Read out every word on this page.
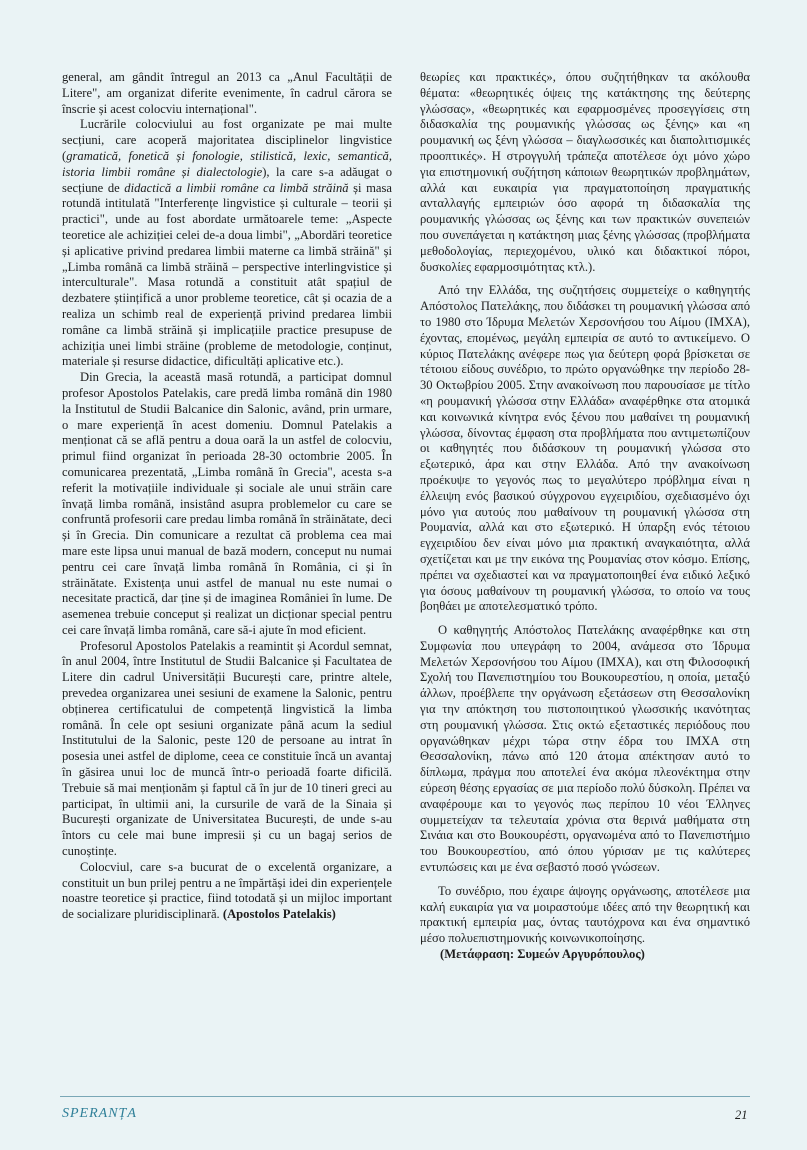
general, am gândit întregul an 2013 ca „Anul Facultății de Litere", am organizat diferite evenimente, în cadrul cărora se înscrie și acest colocviu internațional".

Lucrările colocviului au fost organizate pe mai multe secțiuni, care acoperă majoritatea disciplinelor lingvistice (gramatică, fonetică și fonologie, stilistică, lexic, semantică, istoria limbii române și dialectologie), la care s-a adăugat o secțiune de didactică a limbii române ca limbă străină și masa rotundă intitulată "Interferențe lingvistice și culturale – teorii și practici", unde au fost abordate următoarele teme: „Aspecte teoretice ale achiziției celei de-a doua limbi", „Abordări teoretice și aplicative privind predarea limbii materne ca limbă străină" și „Limba română ca limbă străină – perspective interlingvistice și interculturale". Masa rotundă a constituit atât spațiul de dezbatere științifică a unor probleme teoretice, cât și ocazia de a realiza un schimb real de experiență privind predarea limbii române ca limbă străină și implicațiile practice presupuse de achiziția unei limbi străine (probleme de metodologie, conținut, materiale și resurse didactice, dificultăți aplicative etc.).

Din Grecia, la această masă rotundă, a participat domnul profesor Apostolos Patelakis, care predă limba română din 1980 la Institutul de Studii Balcanice din Salonic, având, prin urmare, o mare experiență în acest domeniu. Domnul Patelakis a menționat că se află pentru a doua oară la un astfel de colocviu, primul fiind organizat în perioada 28-30 octombrie 2005. În comunicarea prezentată, „Limba română în Grecia", acesta s-a referit la motivațiile individuale și sociale ale unui străin care învață limba română, insistând asupra problemelor cu care se confruntă profesorii care predau limba română în străinătate, deci și în Grecia. Din comunicare a rezultat că problema cea mai mare este lipsa unui manual de bază modern, conceput nu numai pentru cei care învață limba română în România, ci și în străinătate. Existența unui astfel de manual nu este numai o necesitate practică, dar ține și de imaginea României în lume. De asemenea trebuie conceput și realizat un dicționar special pentru cei care învață limba română, care să-i ajute în mod eficient.

Profesorul Apostolos Patelakis a reamintit și Acordul semnat, în anul 2004, între Institutul de Studii Balcanice și Facultatea de Litere din cadrul Universității București care, printre altele, prevedea organizarea unei sesiuni de examene la Salonic, pentru obținerea certificatului de competență lingvistică la limba română. În cele opt sesiuni organizate până acum la sediul Institutului de la Salonic, peste 120 de persoane au intrat în posesia unei astfel de diplome, ceea ce constituie încă un avantaj în găsirea unui loc de muncă într-o perioadă foarte dificilă. Trebuie să mai menționăm și faptul că în jur de 10 tineri greci au participat, în ultimii ani, la cursurile de vară de la Sinaia și București organizate de Universitatea București, de unde s-au întors cu cele mai bune impresii și cu un bagaj serios de cunoștințe.

Colocviul, care s-a bucurat de o excelentă organizare, a constituit un bun prilej pentru a ne împărtăși idei din experiențele noastre teoretice și practice, fiind totodată și un mijloc important de socializare pluridisciplinară. (Apostolos Patelakis)

θεωρίες και πρακτικές», όπου συζητήθηκαν τα ακόλουθα θέματα: «θεωρητικές όψεις της κατάκτησης της δεύτερης γλώσσας», «θεωρητικές και εφαρμοσμένες προσεγγίσεις στη διδασκαλία της ρουμανικής γλώσσας ως ξένης» και «η ρουμανική ως ξένη γλώσσα – διαγλωσσικές και διαπολιτισμικές προοπτικές». Η στρογγυλή τράπεζα αποτέλεσε όχι μόνο χώρο για επιστημονική συζήτηση κάποιων θεωρητικών προβλημάτων, αλλά και ευκαιρία για πραγματοποίηση πραγματικής ανταλλαγής εμπειριών όσο αφορά τη διδασκαλία της ρουμανικής γλώσσας ως ξένης και των πρακτικών συνεπειών που συνεπάγεται η κατάκτηση μιας ξένης γλώσσας (προβλήματα μεθοδολογίας, περιεχομένου, υλικό και διδακτικοί πόροι, δυσκολίες εφαρμοσιμότητας κτλ.).

Από την Ελλάδα, της συζητήσεις συμμετείχε ο καθηγητής Απόστολος Πατελάκης, που διδάσκει τη ρουμανική γλώσσα από το 1980 στο Ίδρυμα Μελετών Χερσονήσου του Αίμου (ΙΜΧΑ), έχοντας, επομένως, μεγάλη εμπειρία σε αυτό το αντικείμενο. Ο κύριος Πατελάκης ανέφερε πως για δεύτερη φορά βρίσκεται σε τέτοιου είδους συνέδριο, το πρώτο οργανώθηκε την περίοδο 28-30 Οκτωβρίου 2005. Στην ανακοίνωση που παρουσίασε με τίτλο «η ρουμανική γλώσσα στην Ελλάδα» αναφέρθηκε στα ατομικά και κοινωνικά κίνητρα ενός ξένου που μαθαίνει τη ρουμανική γλώσσα, δίνοντας έμφαση στα προβλήματα που αντιμετωπίζουν οι καθηγητές που διδάσκουν τη ρουμανική γλώσσα στο εξωτερικό, άρα και στην Ελλάδα. Από την ανακοίνωση προέκυψε το γεγονός πως το μεγαλύτερο πρόβλημα είναι η έλλειψη ενός βασικού σύγχρονου εγχειριδίου, σχεδιασμένο όχι μόνο για αυτούς που μαθαίνουν τη ρουμανική γλώσσα στη Ρουμανία, αλλά και στο εξωτερικό. Η ύπαρξη ενός τέτοιου εγχειριδίου δεν είναι μόνο μια πρακτική αναγκαιότητα, αλλά σχετίζεται και με την εικόνα της Ρουμανίας στον κόσμο. Επίσης, πρέπει να σχεδιαστεί και να πραγματοποιηθεί ένα ειδικό λεξικό για όσους μαθαίνουν τη ρουμανική γλώσσα, το οποίο να τους βοηθάει με αποτελεσματικό τρόπο.

Ο καθηγητής Απόστολος Πατελάκης αναφέρθηκε και στη Συμφωνία που υπεγράφη το 2004, ανάμεσα στο Ίδρυμα Μελετών Χερσονήσου του Αίμου (ΙΜΧΑ), και στη Φιλοσοφική Σχολή του Πανεπιστημίου του Βουκουρεστίου, η οποία, μεταξύ άλλων, προέβλεπε την οργάνωση εξετάσεων στη Θεσσαλονίκη για την απόκτηση του πιστοποιητικού γλωσσικής ικανότητας στη ρουμανική γλώσσα. Στις οκτώ εξεταστικές περιόδους που οργανώθηκαν μέχρι τώρα στην έδρα του ΙΜΧΑ στη Θεσσαλονίκη, πάνω από 120 άτομα απέκτησαν αυτό το δίπλωμα, πράγμα που αποτελεί ένα ακόμα πλεονέκτημα στην εύρεση θέσης εργασίας σε μια περίοδο πολύ δύσκολη. Πρέπει να αναφέρουμε και το γεγονός πως περίπου 10 νέοι Έλληνες συμμετείχαν τα τελευταία χρόνια στα θερινά μαθήματα στη Σινάια και στο Βουκουρέστι, οργανωμένα από το Πανεπιστήμιο του Βουκουρεστίου, από όπου γύρισαν με τις καλύτερες εντυπώσεις και με ένα σεβαστό ποσό γνώσεων.

Το συνέδριο, που έχαιρε άψογης οργάνωσης, αποτέλεσε μια καλή ευκαιρία για να μοιραστούμε ιδέες από την θεωρητική και πρακτική εμπειρία μας, όντας ταυτόχρονα και ένα σημαντικό μέσο πολυεπιστημονικής κοινωνικοποίησης.

(Μετάφραση: Συμεών Αργυρόπουλος)

SPERANȚA	21
